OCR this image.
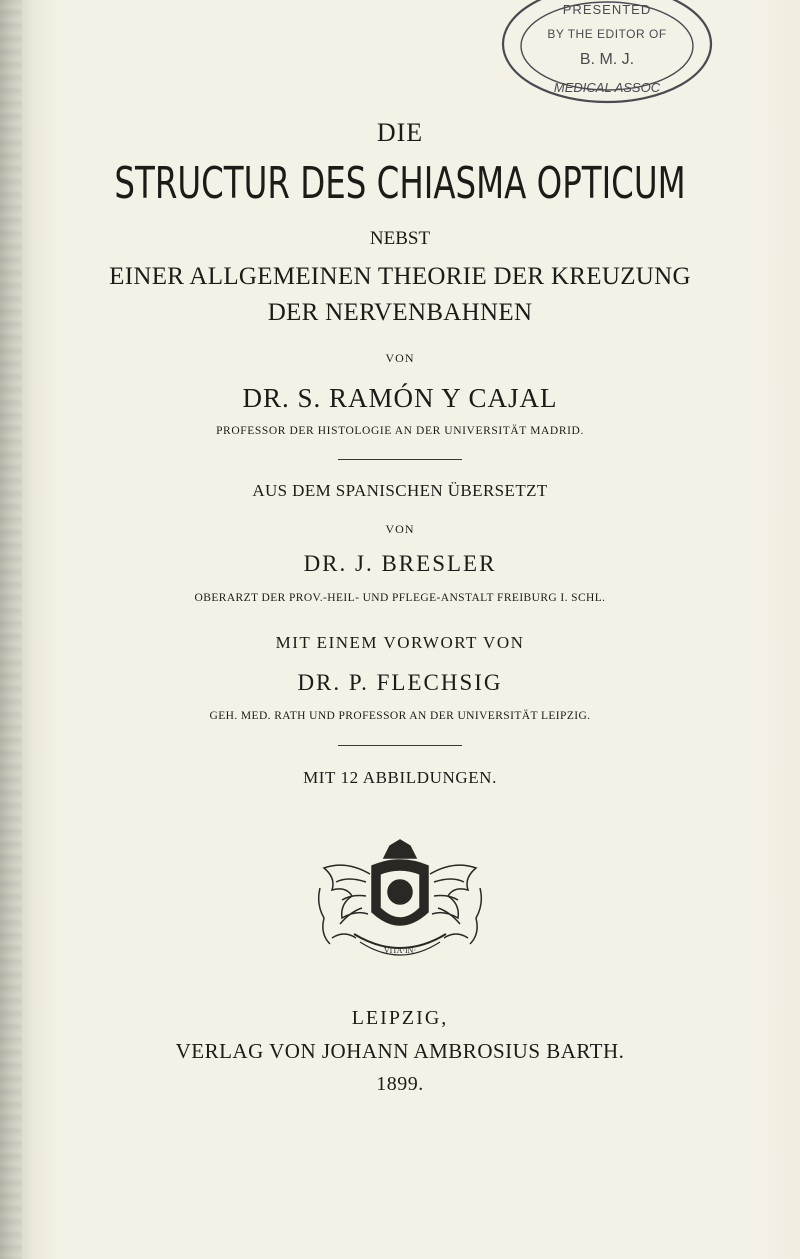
PRESENTED
BY THE EDITOR OF
B. M. J.
MEDICAL ASSOC
DIE
STRUCTUR DES CHIASMA OPTICUM
NEBST
EINER ALLGEMEINEN THEORIE DER KREUZUNG
DER NERVENBAHNEN
VON
DR. S. RAMÓN Y CAJAL
PROFESSOR DER HISTOLOGIE AN DER UNIVERSITÄT MADRID.
AUS DEM SPANISCHEN ÜBERSETZT
VON
DR. J. BRESLER
OBERARZT DER PROV.-HEIL- UND PFLEGE-ANSTALT FREIBURG I. SCHL.
MIT EINEM VORWORT VON
DR. P. FLECHSIG
GEH. MED. RATH UND PROFESSOR AN DER UNIVERSITÄT LEIPZIG.
MIT 12 ABBILDUNGEN.
VITA·IN·
LEIPZIG,
VERLAG VON JOHANN AMBROSIUS BARTH.
1899.
